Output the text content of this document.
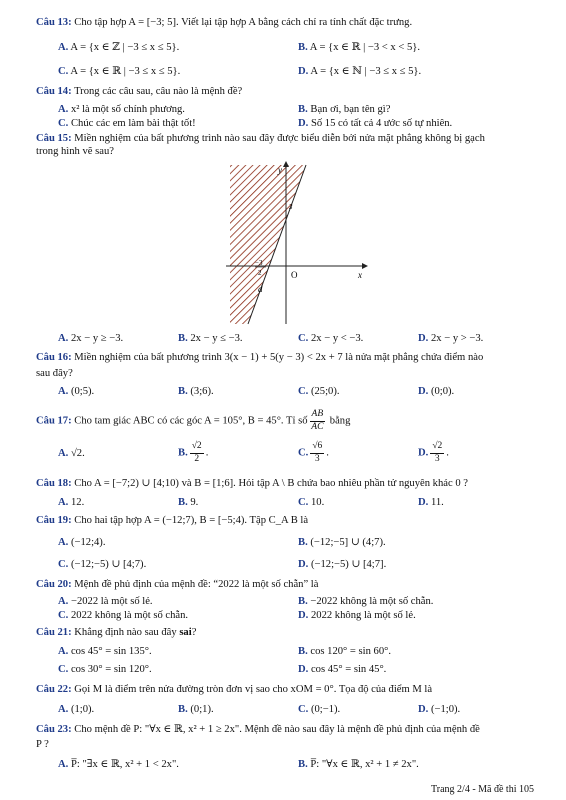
Câu 13: Cho tập hợp A = [−3; 5]. Viết lại tập hợp A bằng cách chỉ ra tính chất đặc trưng.
A. A = {x ∈ ℤ | −3 ≤ x ≤ 5}.	B. A = {x ∈ ℝ | −3 < x < 5}.
C. A = {x ∈ ℝ | −3 ≤ x ≤ 5}.	D. A = {x ∈ ℕ | −3 ≤ x ≤ 5}.
Câu 14: Trong các câu sau, câu nào là mệnh đề?
A. x² là một số chính phương.	B. Bạn ơi, bạn tên gì?
C. Chúc các em làm bài thật tốt!	D. Số 15 có tất cả 4 ước số tự nhiên.
Câu 15: Miền nghiệm của bất phương trình nào sau đây được biểu diễn bởi nửa mặt phẳng không bị gạch
trong hình vẽ sau?
y
x
O
3
d
−3
2
A. 2x − y ≥ −3.	B. 2x − y ≤ −3.	C. 2x − y < −3.	D. 2x − y > −3.
Câu 16: Miền nghiệm của bất phương trình 3(x − 1) + 5(y − 3) < 2x + 7 là nửa mặt phẳng chứa điểm nào
sau đây?
A. (0;5).	B. (3;6).	C. (25;0).	D. (0;0).
Câu 17: Cho tam giác ABC có các góc A = 105°, B = 45°. Tỉ số $\frac{AB}{AC}$ bằng
A. √2.	B. $\frac{√2}{2}$ .	C. $\frac{√6}{3}$ .	D. $\frac{√2}{3}$ .
Câu 18: Cho A = [−7;2) ∪ [4;10) và B = [1;6]. Hỏi tập A \ B chứa bao nhiêu phần tử nguyên khác 0 ?
A. 12.	B. 9.	C. 10.	D. 11.
Câu 19: Cho hai tập hợp A = (−12;7), B = [−5;4). Tập C_A B là
A. (−12;4).	B. (−12;−5] ∪ (4;7).
C. (−12;−5) ∪ [4;7).	D. (−12;−5) ∪ [4;7].
Câu 20: Mệnh đề phủ định của mệnh đề: “2022 là một số chẵn” là
A. −2022 là một số lẻ.	B. −2022 không là một số chẵn.
C. 2022 không là một số chẵn.	D. 2022 không là một số lẻ.
Câu 21: Khẳng định nào sau đây sai?
A. cos 45° = sin 135°.	B. cos 120° = sin 60°.
C. cos 30° = sin 120°.	D. cos 45° = sin 45°.
Câu 22: Gọi M là điểm trên nửa đường tròn đơn vị sao cho xOM = 0°. Tọa độ của điểm M là
A. (1;0).	B. (0;1).	C. (0;−1).	D. (−1;0).
Câu 23: Cho mệnh đề P: "∀x ∈ ℝ, x² + 1 ≥ 2x". Mệnh đề nào sau đây là mệnh đề phủ định của mệnh đề
P ?
A. P̅: "∃x ∈ ℝ, x² + 1 < 2x".	B. P̅: "∀x ∈ ℝ, x² + 1 ≠ 2x".
Trang 2/4 - Mã đề thi 105
